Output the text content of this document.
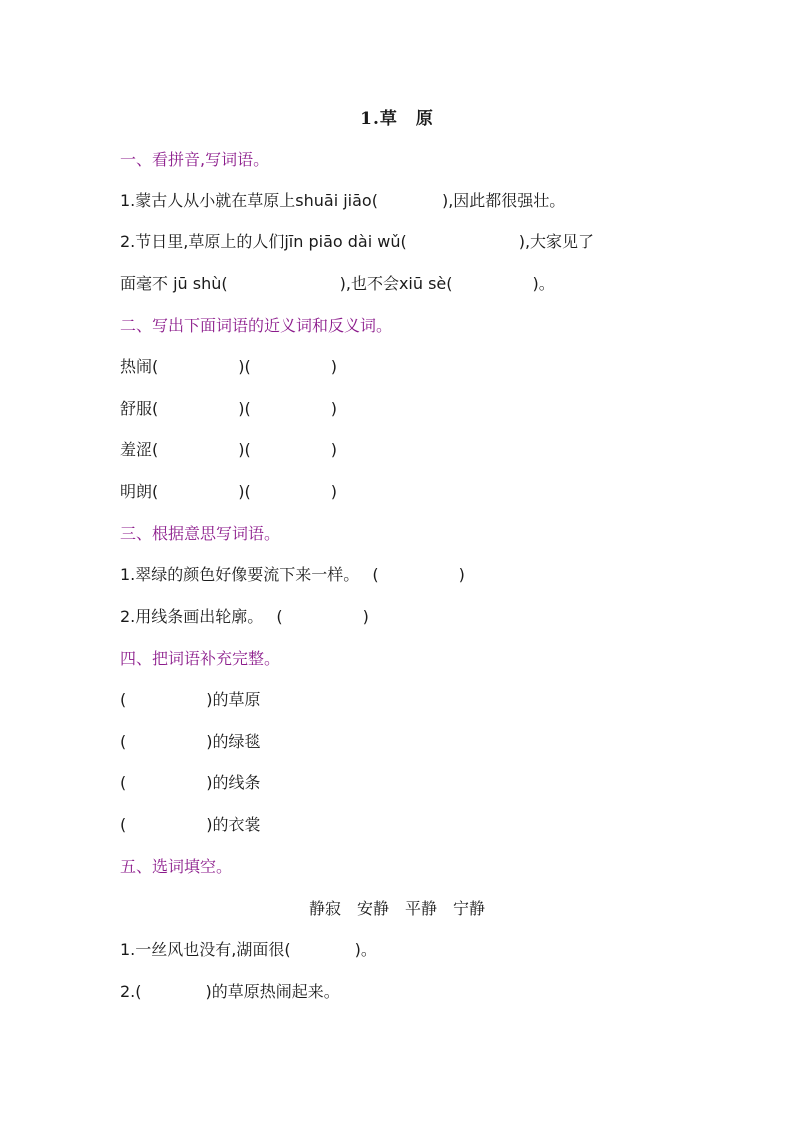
1.草　原
一、看拼音,写词语。
1.蒙古人从小就在草原上shuāi jiāo(　　　　),因此都很强壮。
2.节日里,草原上的人们jīn piāo dài wǔ(　　　　　　　),大家见了
面毫不 jū shù(　　　　　　　),也不会xiū sè(　　　　　)。
二、写出下面词语的近义词和反义词。
热闹(　　　　　)(　　　　　)
舒服(　　　　　)(　　　　　)
羞涩(　　　　　)(　　　　　)
明朗(　　　　　)(　　　　　)
三、根据意思写词语。
1.翠绿的颜色好像要流下来一样。　 (　　　　　)
2.用线条画出轮廓。　 (　　　　　)
四、把词语补充完整。
(　　　　　)的草原
(　　　　　)的绿毯
(　　　　　)的线条
(　　　　　)的衣裳
五、选词填空。
静寂　安静　平静　宁静
1.一丝风也没有,湖面很(　　　　)。
2.(　　　　)的草原热闹起来。
